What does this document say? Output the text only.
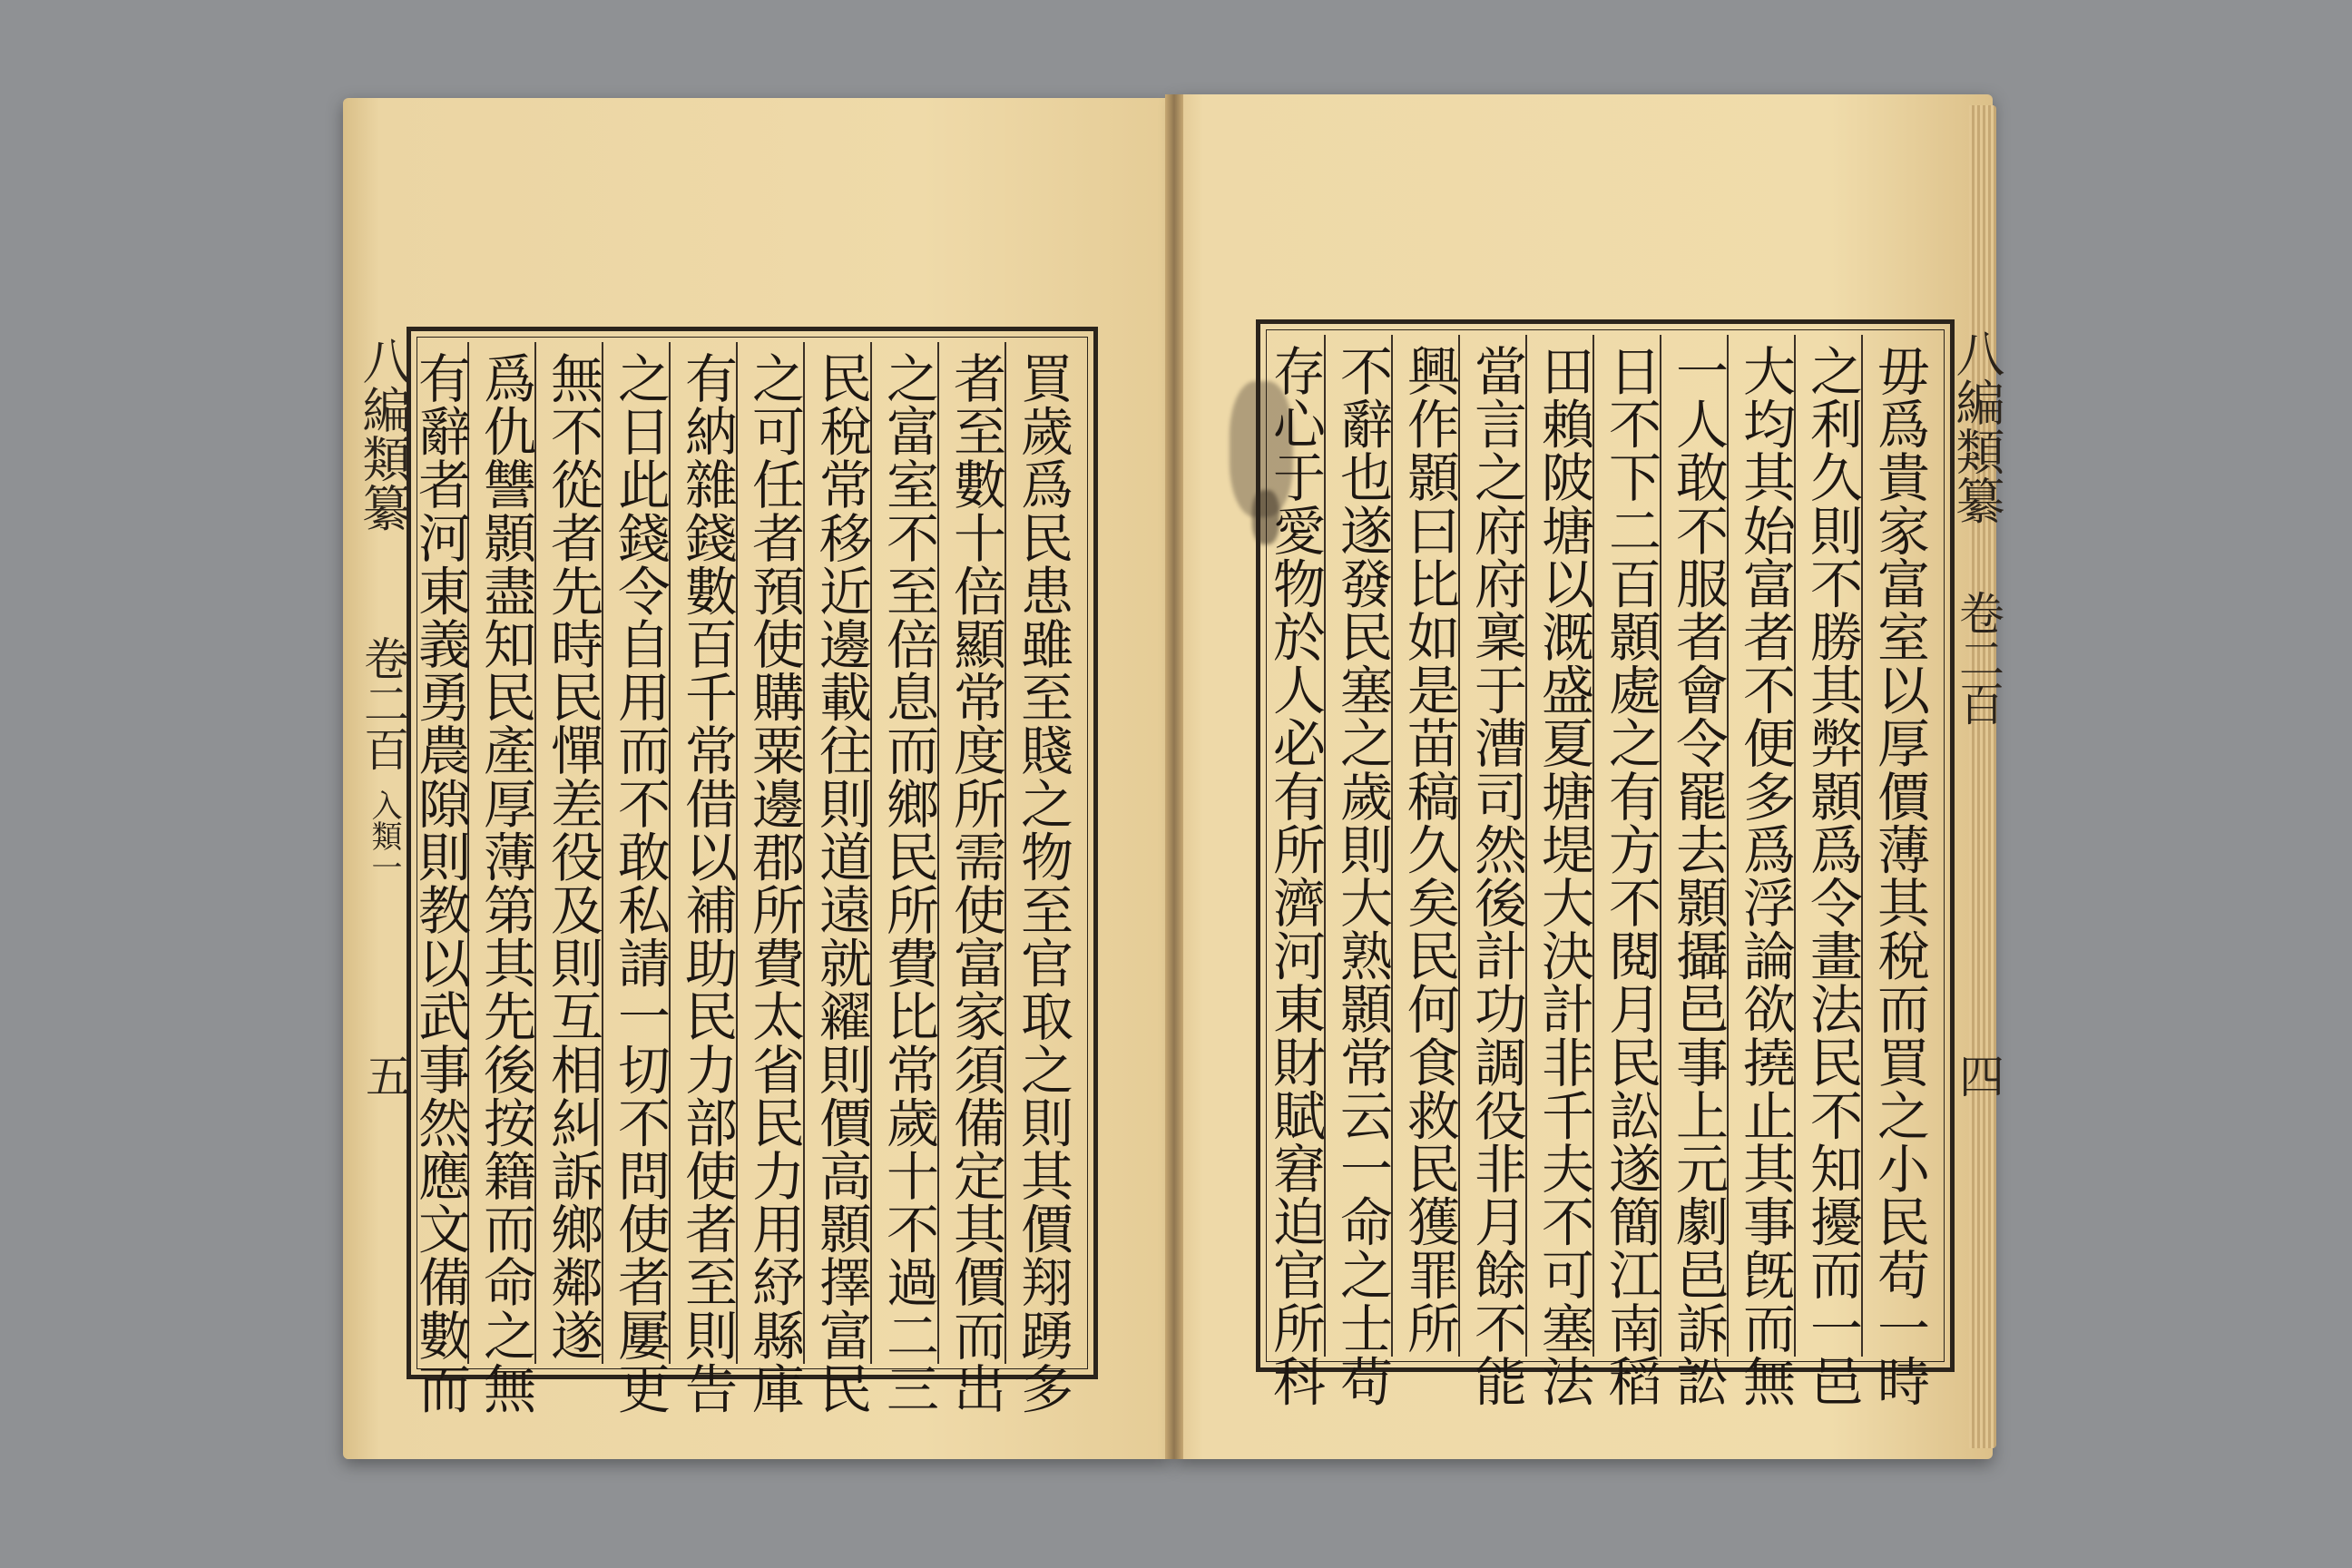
八編類纂
卷二百
入類一
五	買歲爲民患雖至賤之物至官取之則其價翔踴多
者至數十倍顯常度所需使富家須備定其價而出
之富室不至倍息而鄉民所費比常歲十不過二三
民稅常移近邊載往則道遠就糴則價高顥擇富民
之可任者預使購粟邊郡所費太省民力用紓縣庫
有納雜錢數百千常借以補助民力部使者至則告
之日此錢令自用而不敢私請一切不問使者屢更
無不從者先時民憚差役及則互相糾訴鄉鄰遂
爲仇讐顥盡知民產厚薄第其先後按籍而命之無
有辭者河東義勇農隙則教以武事然應文備數而	毋爲貴家富室以厚價薄其稅而買之小民苟一時
之利久則不勝其弊顥爲令畫法民不知擾而一邑
大均其始富者不便多爲浮論欲撓止其事旣而無
一人敢不服者會令罷去顥攝邑事上元劇邑訴訟
日不下二百顥處之有方不閱月民訟遂簡江南稻
田賴陂塘以溉盛夏塘堤大決計非千夫不可塞法
當言之府府稟于漕司然後計功調役非月餘不能
興作顥曰比如是苗稿久矣民何食救民獲罪所
不辭也遂發民塞之歲則大熟顥常云一命之士苟
存心于愛物於人必有所濟河東財賦窘迫官所科	八編類纂
卷二百
四
